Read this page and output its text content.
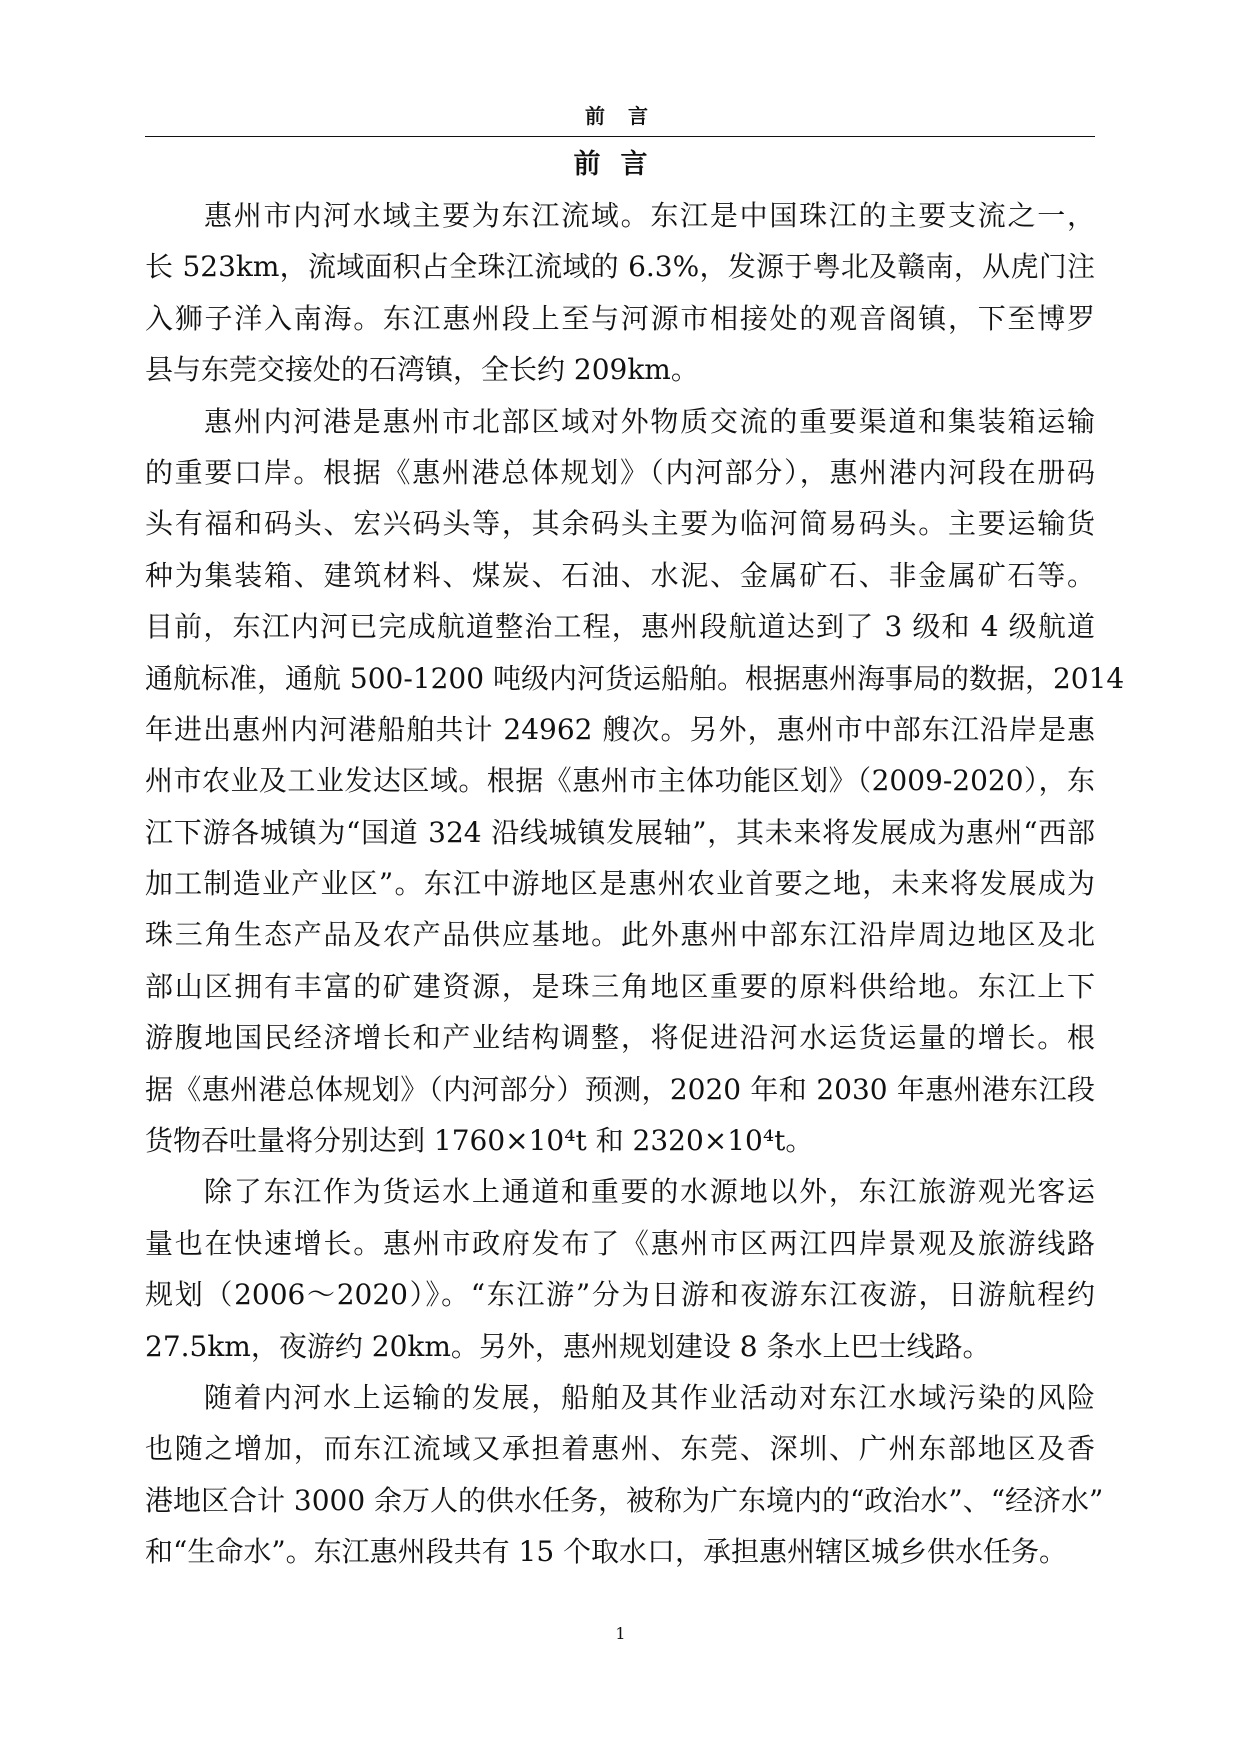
前 言
前言
惠州市内河水域主要为东江流域。东江是中国珠江的主要支流之一，
长 523km，流域面积占全珠江流域的 6.3%，发源于粤北及赣南，从虎门注
入狮子洋入南海。东江惠州段上至与河源市相接处的观音阁镇，下至博罗
县与东莞交接处的石湾镇，全长约 209km。
惠州内河港是惠州市北部区域对外物质交流的重要渠道和集装箱运输
的重要口岸。根据《惠州港总体规划》（内河部分），惠州港内河段在册码
头有福和码头、宏兴码头等，其余码头主要为临河简易码头。主要运输货
种为集装箱、建筑材料、煤炭、石油、水泥、金属矿石、非金属矿石等。
目前，东江内河已完成航道整治工程，惠州段航道达到了 3 级和 4 级航道
通航标准，通航 500-1200 吨级内河货运船舶。根据惠州海事局的数据，2014
年进出惠州内河港船舶共计 24962 艘次。另外，惠州市中部东江沿岸是惠
州市农业及工业发达区域。根据《惠州市主体功能区划》（2009-2020），东
江下游各城镇为“国道 324 沿线城镇发展轴”，其未来将发展成为惠州“西部
加工制造业产业区”。东江中游地区是惠州农业首要之地，未来将发展成为
珠三角生态产品及农产品供应基地。此外惠州中部东江沿岸周边地区及北
部山区拥有丰富的矿建资源，是珠三角地区重要的原料供给地。东江上下
游腹地国民经济增长和产业结构调整，将促进沿河水运货运量的增长。根
据《惠州港总体规划》（内河部分）预测，2020 年和 2030 年惠州港东江段
货物吞吐量将分别达到 1760×10⁴t 和 2320×10⁴t。
除了东江作为货运水上通道和重要的水源地以外，东江旅游观光客运
量也在快速增长。惠州市政府发布了《惠州市区两江四岸景观及旅游线路
规划（2006～2020）》。“东江游”分为日游和夜游东江夜游，日游航程约
27.5km，夜游约 20km。另外，惠州规划建设 8 条水上巴士线路。
随着内河水上运输的发展，船舶及其作业活动对东江水域污染的风险
也随之增加，而东江流域又承担着惠州、东莞、深圳、广州东部地区及香
港地区合计 3000 余万人的供水任务，被称为广东境内的“政治水”、“经济水”
和“生命水”。东江惠州段共有 15 个取水口，承担惠州辖区城乡供水任务。
1
